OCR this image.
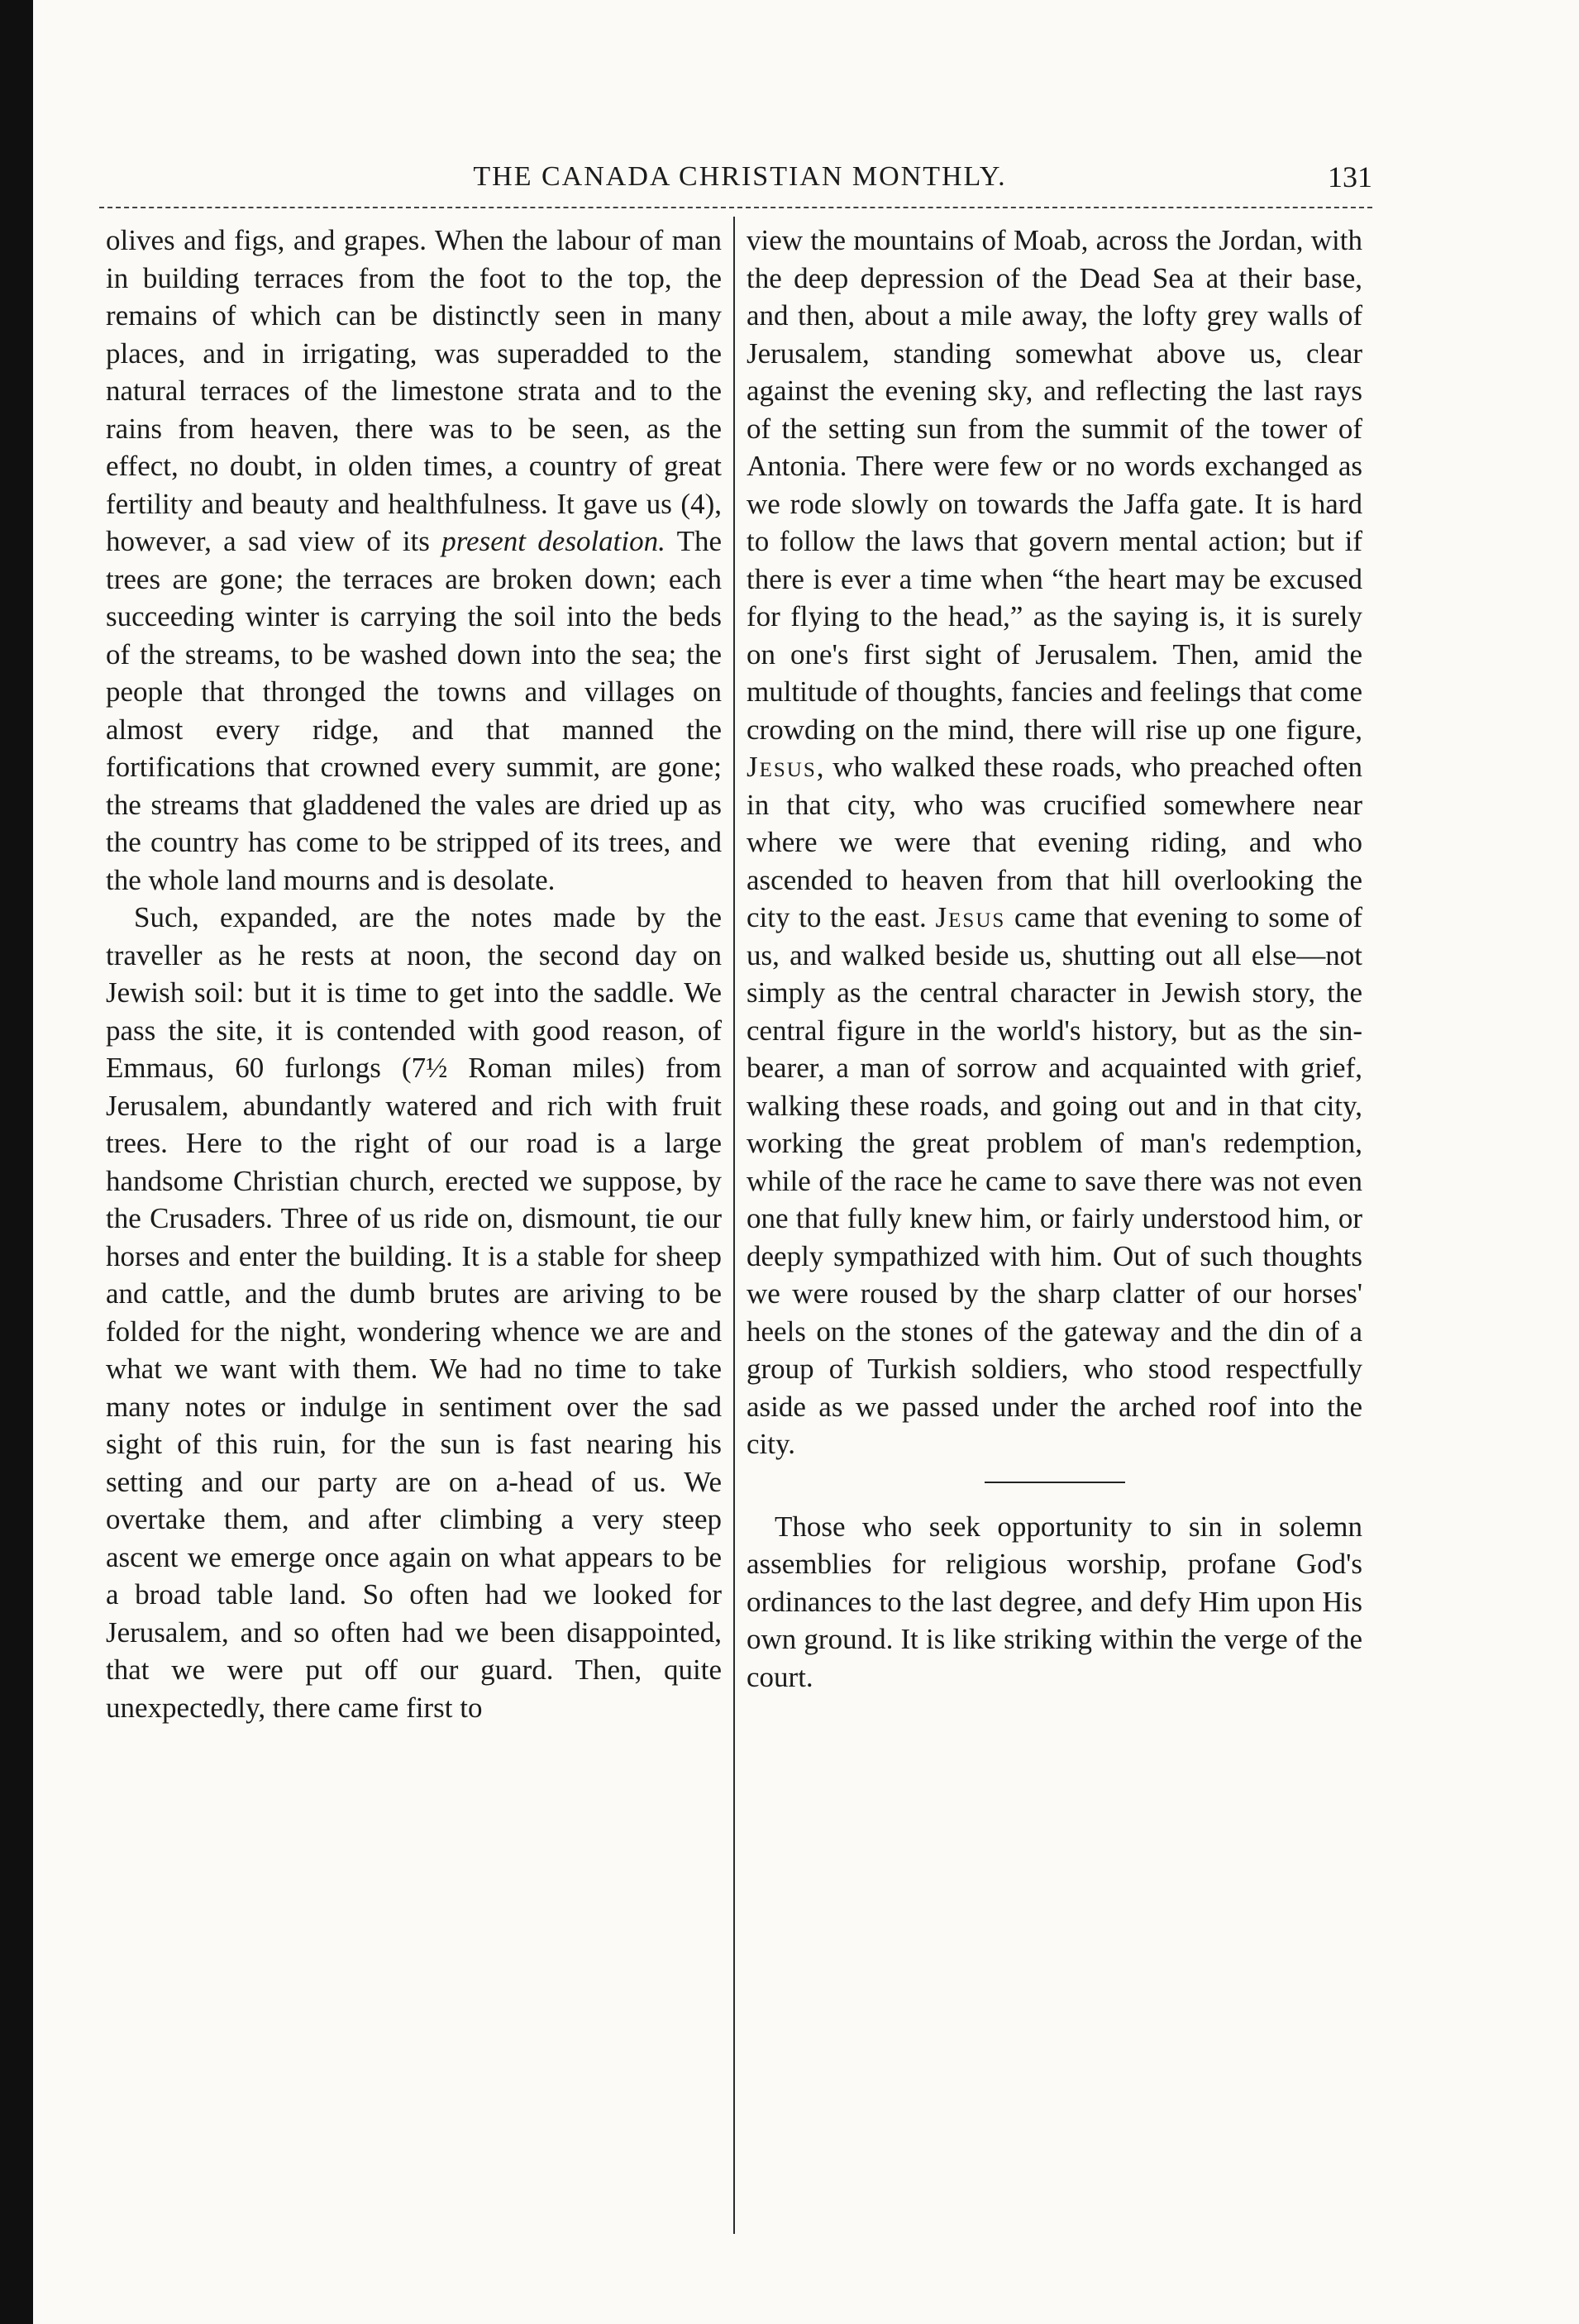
THE CANADA CHRISTIAN MONTHLY.	131

olives and figs, and grapes. When the labour of man in building terraces from the foot to the top, the remains of which can be distinctly seen in many places, and in irrigating, was superadded to the natural terraces of the limestone strata and to the rains from heaven, there was to be seen, as the effect, no doubt, in olden times, a country of great fertility and beauty and healthfulness. It gave us (4), however, a sad view of its present desolation. The trees are gone; the terraces are broken down; each succeeding winter is carrying the soil into the beds of the streams, to be washed down into the sea; the people that thronged the towns and villages on almost every ridge, and that manned the fortifications that crowned every summit, are gone; the streams that gladdened the vales are dried up as the country has come to be stripped of its trees, and the whole land mourns and is desolate.

Such, expanded, are the notes made by the traveller as he rests at noon, the second day on Jewish soil: but it is time to get into the saddle. We pass the site, it is contended with good reason, of Emmaus, 60 furlongs (7½ Roman miles) from Jerusalem, abundantly watered and rich with fruit trees. Here to the right of our road is a large handsome Christian church, erected we suppose, by the Crusaders. Three of us ride on, dismount, tie our horses and enter the building. It is a stable for sheep and cattle, and the dumb brutes are ariving to be folded for the night, wondering whence we are and what we want with them. We had no time to take many notes or indulge in sentiment over the sad sight of this ruin, for the sun is fast nearing his setting and our party are on a-head of us. We overtake them, and after climbing a very steep ascent we emerge once again on what appears to be a broad table land. So often had we looked for Jerusalem, and so often had we been disappointed, that we were put off our guard. Then, quite unexpectedly, there came first to

view the mountains of Moab, across the Jordan, with the deep depression of the Dead Sea at their base, and then, about a mile away, the lofty grey walls of Jerusalem, standing somewhat above us, clear against the evening sky, and reflecting the last rays of the setting sun from the summit of the tower of Antonia. There were few or no words exchanged as we rode slowly on towards the Jaffa gate. It is hard to follow the laws that govern mental action; but if there is ever a time when “the heart may be excused for flying to the head,” as the saying is, it is surely on one's first sight of Jerusalem. Then, amid the multitude of thoughts, fancies and feelings that come crowding on the mind, there will rise up one figure, Jesus, who walked these roads, who preached often in that city, who was crucified somewhere near where we were that evening riding, and who ascended to heaven from that hill overlooking the city to the east. Jesus came that evening to some of us, and walked beside us, shutting out all else—not simply as the central character in Jewish story, the central figure in the world's history, but as the sin-bearer, a man of sorrow and acquainted with grief, walking these roads, and going out and in that city, working the great problem of man's redemption, while of the race he came to save there was not even one that fully knew him, or fairly understood him, or deeply sympathized with him. Out of such thoughts we were roused by the sharp clatter of our horses' heels on the stones of the gateway and the din of a group of Turkish soldiers, who stood respectfully aside as we passed under the arched roof into the city.

Those who seek opportunity to sin in solemn assemblies for religious worship, profane God's ordinances to the last degree, and defy Him upon His own ground. It is like striking within the verge of the court.
